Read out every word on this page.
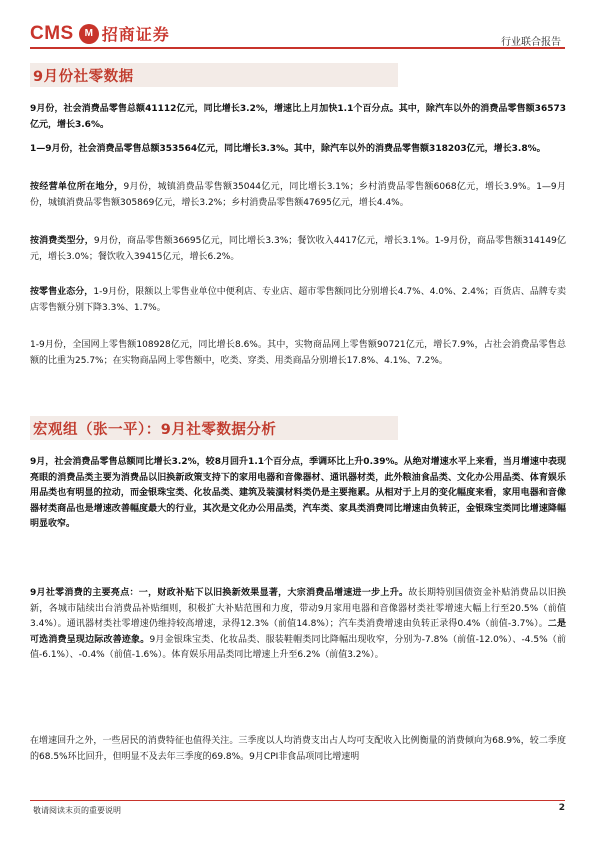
CMS	M 招商证券	行业联合报告
9月份社零数据

9月份，社会消费品零售总额41112亿元，同比增长3.2%，增速比上月加快1.1个百分点。其中，除汽车以外的消费品零售额36573亿元，增长3.6%。

1—9月份，社会消费品零售总额353564亿元，同比增长3.3%。其中，除汽车以外的消费品零售额318203亿元，增长3.8%。

按经营单位所在地分，9月份，城镇消费品零售额35044亿元，同比增长3.1%；乡村消费品零售额6068亿元，增长3.9%。1—9月份，城镇消费品零售额305869亿元，增长3.2%；乡村消费品零售额47695亿元，增长4.4%。

按消费类型分，9月份，商品零售额36695亿元，同比增长3.3%；餐饮收入4417亿元，增长3.1%。1-9月份，商品零售额314149亿元，增长3.0%；餐饮收入39415亿元，增长6.2%。

按零售业态分，1-9月份，限额以上零售业单位中便利店、专业店、超市零售额同比分别增长4.7%、4.0%、2.4%；百货店、品牌专卖店零售额分别下降3.3%、1.7%。

1-9月份，全国网上零售额108928亿元，同比增长8.6%。其中，实物商品网上零售额90721亿元，增长7.9%，占社会消费品零售总额的比重为25.7%；在实物商品网上零售额中，吃类、穿类、用类商品分别增长17.8%、4.1%、7.2%。

宏观组（张一平）：9月社零数据分析

9月，社会消费品零售总额同比增长3.2%，较8月回升1.1个百分点，季调环比上升0.39%。从绝对增速水平上来看，当月增速中表现亮眼的消费品类主要为消费品以旧换新政策支持下的家用电器和音像器材、通讯器材类，此外粮油食品类、文化办公用品类、体育娱乐用品类也有明显的拉动，而金银珠宝类、化妆品类、建筑及装潢材料类仍是主要拖累。从相对于上月的变化幅度来看，家用电器和音像器材类商品也是增速改善幅度最大的行业，其次是文化办公用品类，汽车类、家具类消费同比增速由负转正，金银珠宝类同比增速降幅明显收窄。

9月社零消费的主要亮点：一，财政补贴下以旧换新效果显著，大宗消费品增速进一步上升。故长期特别国债资金补贴消费品以旧换新，各城市陆续出台消费品补贴细则，积极扩大补贴范围和力度，带动9月家用电器和音像器材类社零增速大幅上行至20.5%（前值3.4%）。通讯器材类社零增速仍维持较高增速，录得12.3%（前值14.8%）；汽车类消费增速由负转正录得0.4%（前值-3.7%）。二是可选消费呈现边际改善迹象。9月金银珠宝类、化妆品类、服装鞋帽类同比降幅出现收窄，分别为-7.8%（前值-12.0%）、-4.5%（前值-6.1%）、-0.4%（前值-1.6%）。体育娱乐用品类同比增速上升至6.2%（前值3.2%）。

在增速回升之外，一些居民的消费特征也值得关注。三季度以人均消费支出占人均可支配收入比例衡量的消费倾向为68.9%，较二季度的68.5%环比回升，但明显不及去年三季度的69.8%。9月CPI非食品项同比增速明

敬请阅读末页的重要说明	2
